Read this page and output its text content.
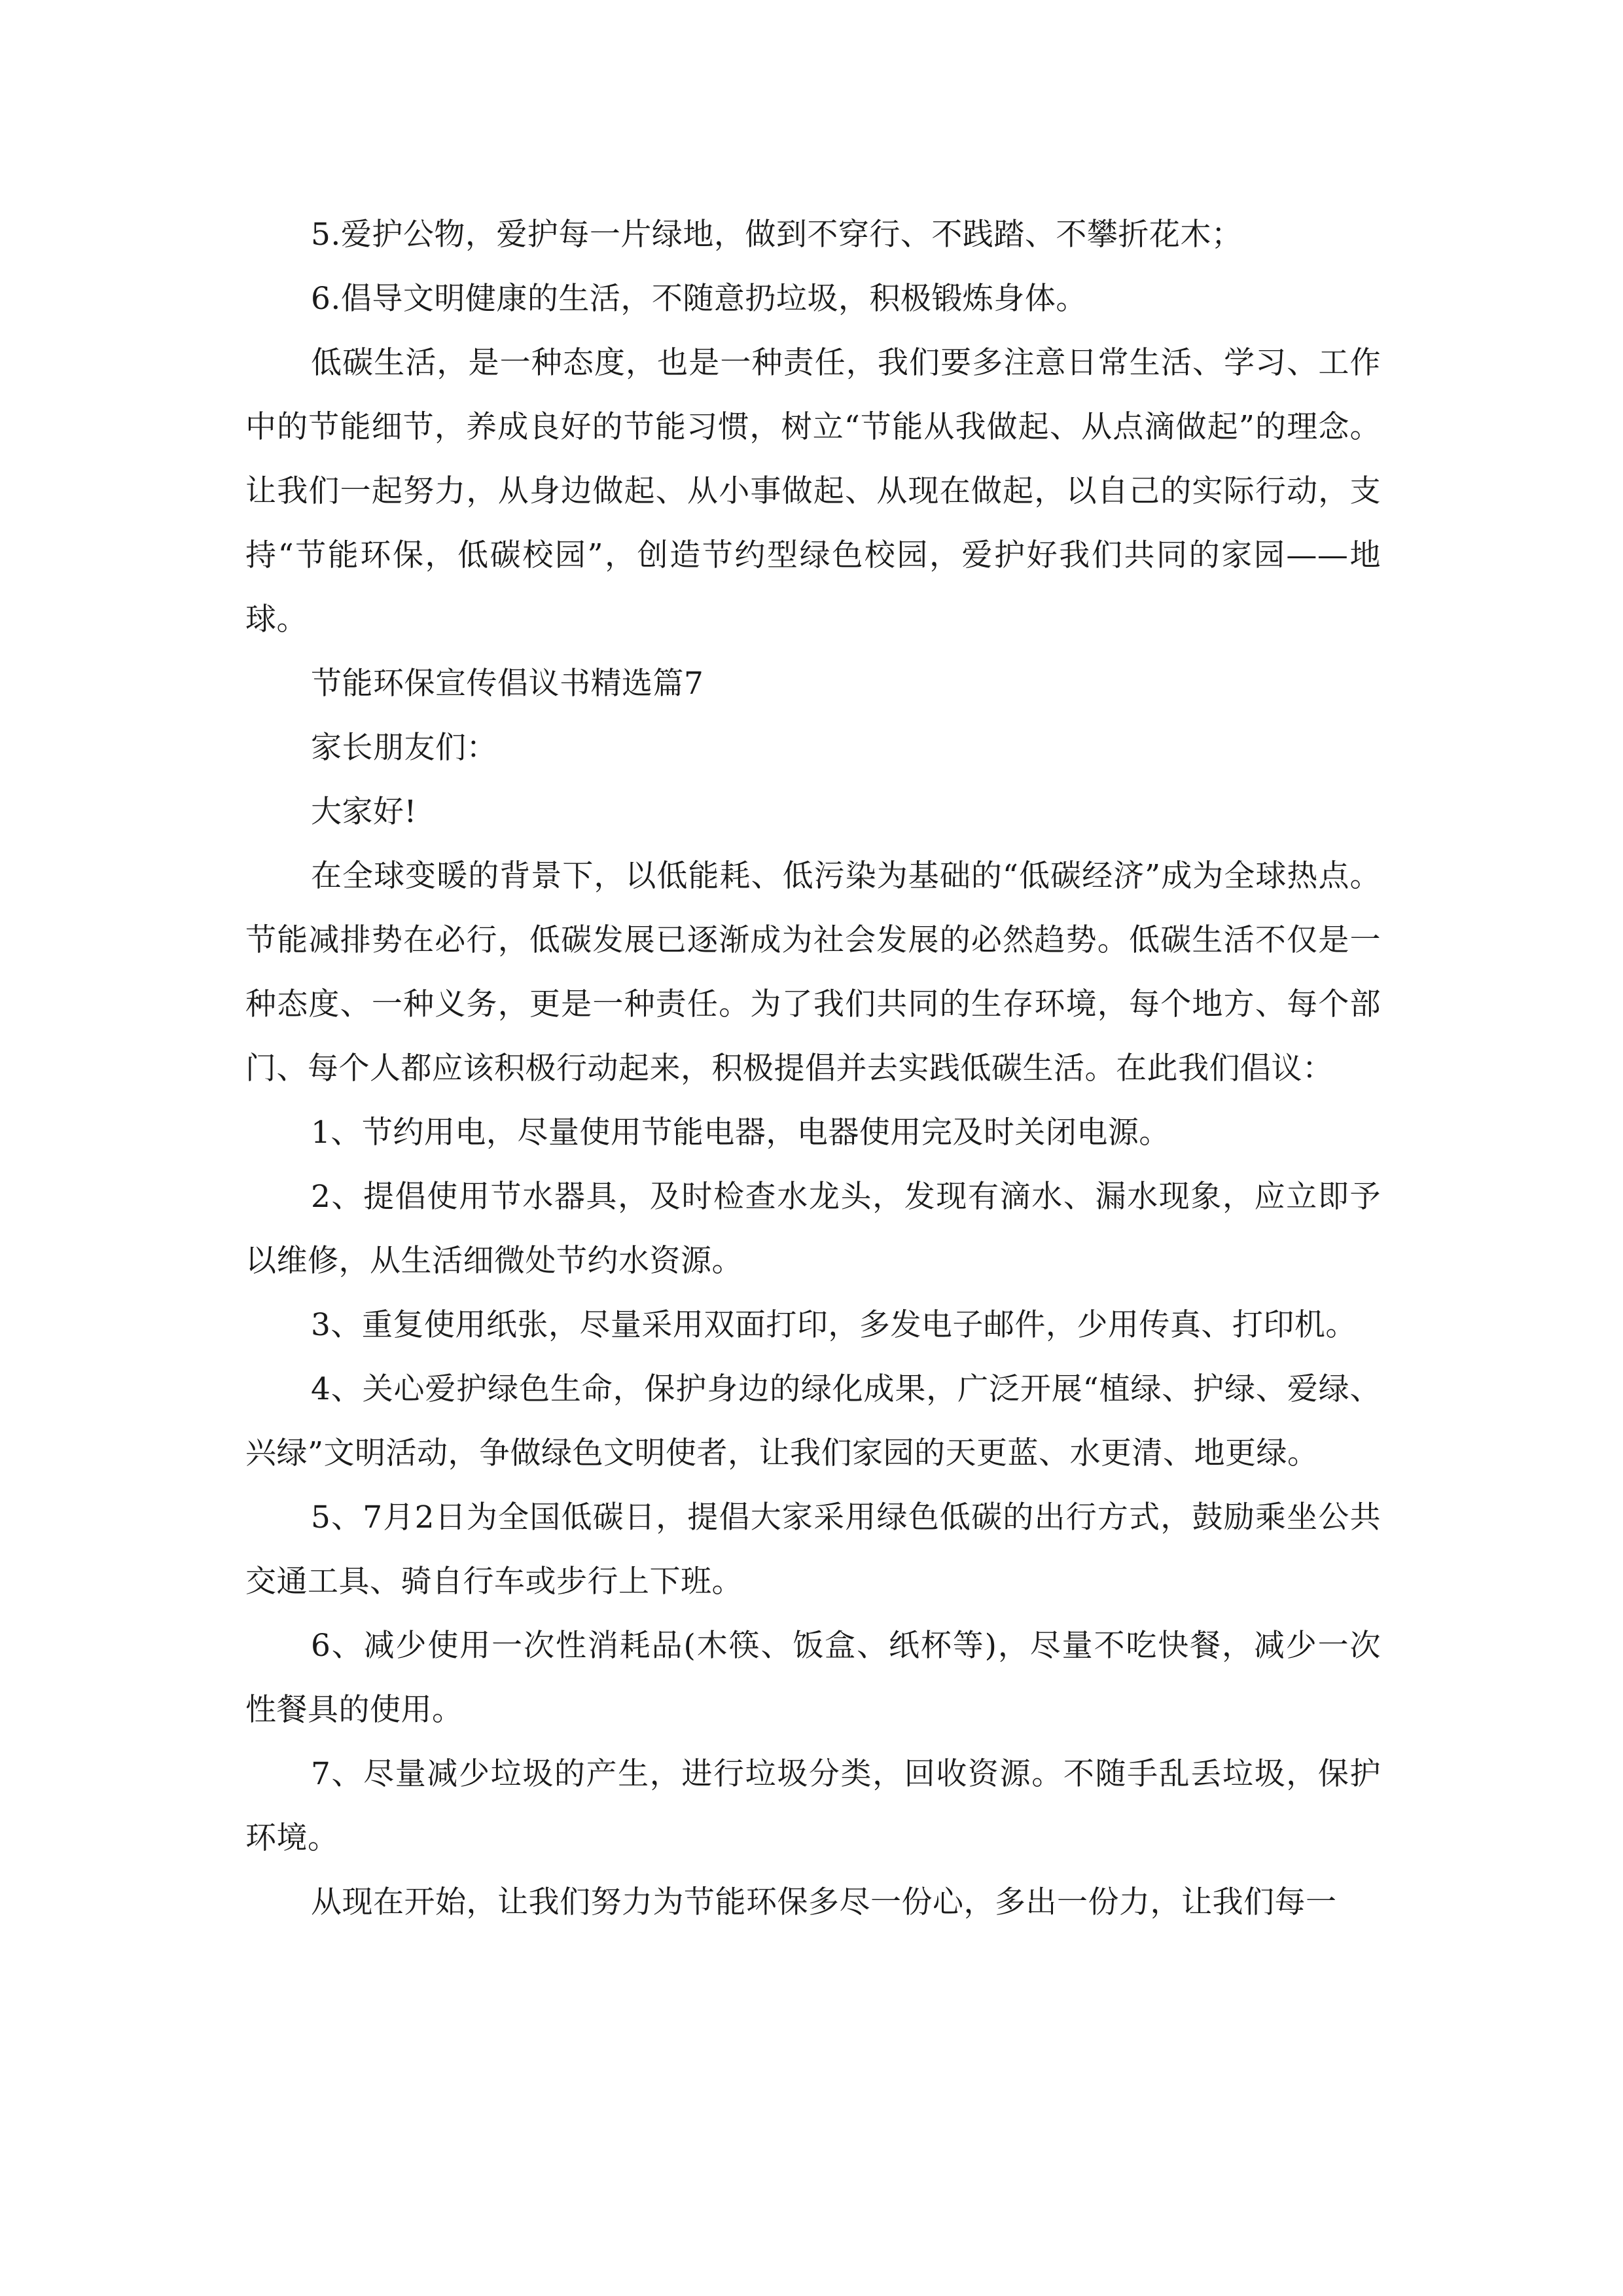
5.爱护公物，爱护每一片绿地，做到不穿行、不践踏、不攀折花木；

6.倡导文明健康的生活，不随意扔垃圾，积极锻炼身体。

低碳生活，是一种态度，也是一种责任，我们要多注意日常生活、学习、工作中的节能细节，养成良好的节能习惯，树立“节能从我做起、从点滴做起”的理念。让我们一起努力，从身边做起、从小事做起、从现在做起，以自己的实际行动，支持“节能环保，低碳校园”，创造节约型绿色校园，爱护好我们共同的家园——地球。

节能环保宣传倡议书精选篇7

家长朋友们：

大家好!

在全球变暖的背景下，以低能耗、低污染为基础的“低碳经济”成为全球热点。节能减排势在必行，低碳发展已逐渐成为社会发展的必然趋势。低碳生活不仅是一种态度、一种义务，更是一种责任。为了我们共同的生存环境，每个地方、每个部门、每个人都应该积极行动起来，积极提倡并去实践低碳生活。在此我们倡议：

1、节约用电，尽量使用节能电器，电器使用完及时关闭电源。

2、提倡使用节水器具，及时检查水龙头，发现有滴水、漏水现象，应立即予以维修，从生活细微处节约水资源。

3、重复使用纸张，尽量采用双面打印，多发电子邮件，少用传真、打印机。

4、关心爱护绿色生命，保护身边的绿化成果，广泛开展“植绿、护绿、爱绿、兴绿”文明活动，争做绿色文明使者，让我们家园的天更蓝、水更清、地更绿。

5、7月2日为全国低碳日，提倡大家采用绿色低碳的出行方式，鼓励乘坐公共交通工具、骑自行车或步行上下班。

6、减少使用一次性消耗品(木筷、饭盒、纸杯等)，尽量不吃快餐，减少一次性餐具的使用。

7、尽量减少垃圾的产生，进行垃圾分类，回收资源。不随手乱丢垃圾，保护环境。

从现在开始，让我们努力为节能环保多尽一份心，多出一份力，让我们每一
